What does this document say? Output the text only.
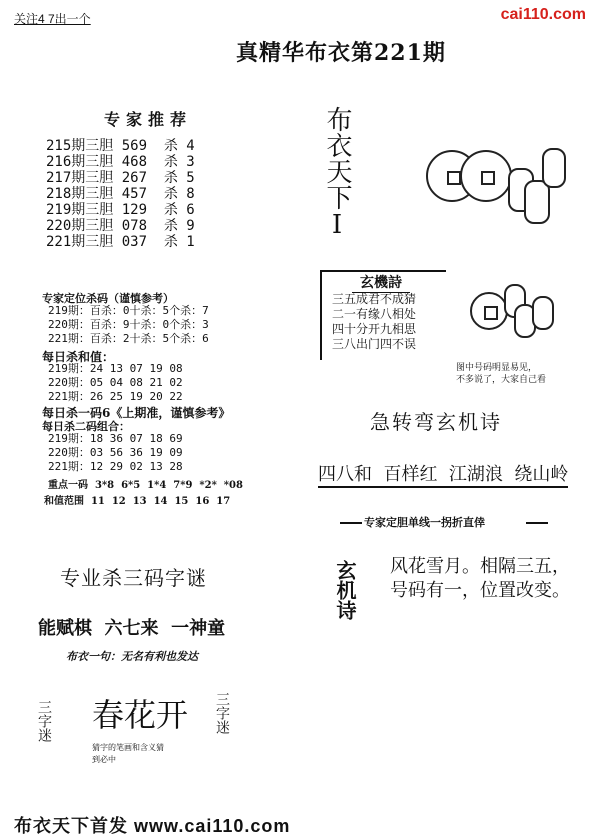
关注4 7出一个	cai110.com
真精华布衣第221期
专家推荐
215期三胆 569  杀 4
216期三胆 468  杀 3
217期三胆 267  杀 5
218期三胆 457  杀 8
219期三胆 129  杀 6
220期三胆 078  杀 9
221期三胆 037  杀 1
布衣天下I
专家定位杀码（谨慎参考）
219期：百杀：0十杀：5个杀：7
220期：百杀：9十杀：0个杀：3
221期：百杀：2十杀：5个杀：6
每日杀和值：
219期：24 13 07 19 08
220期：05 04 08 21 02
221期：26 25 19 20 22
每日杀一码6《上期准，谨慎参考》
每日杀二码组合：
219期：18 36 07 18 69
220期：03 56 36 19 09
221期：12 29 02 13 28
重点一码  3*8  6*5  1*4  7*9  *2*  *08
和值范围  11  12  13  14  15  16  17
玄機詩
三五成君不成猜
二一有缘八相处
四十分开九相思
三八出门四不误
图中号码明显易见，
不多说了，大家自己看
急转弯玄机诗
四八和  百样红  江湖浪  绕山岭
专家定胆单线一拐折直倖
玄机诗 风花雪月。相隔三五，
号码有一，位置改变。
专业杀三码字谜
能赋棋  六七来  一神童
布衣一句：无名有利也发达
三字迷 春花开 三字迷
猜字的笔画和含义猜
到必中
布衣天下首发 www.cai110.com
